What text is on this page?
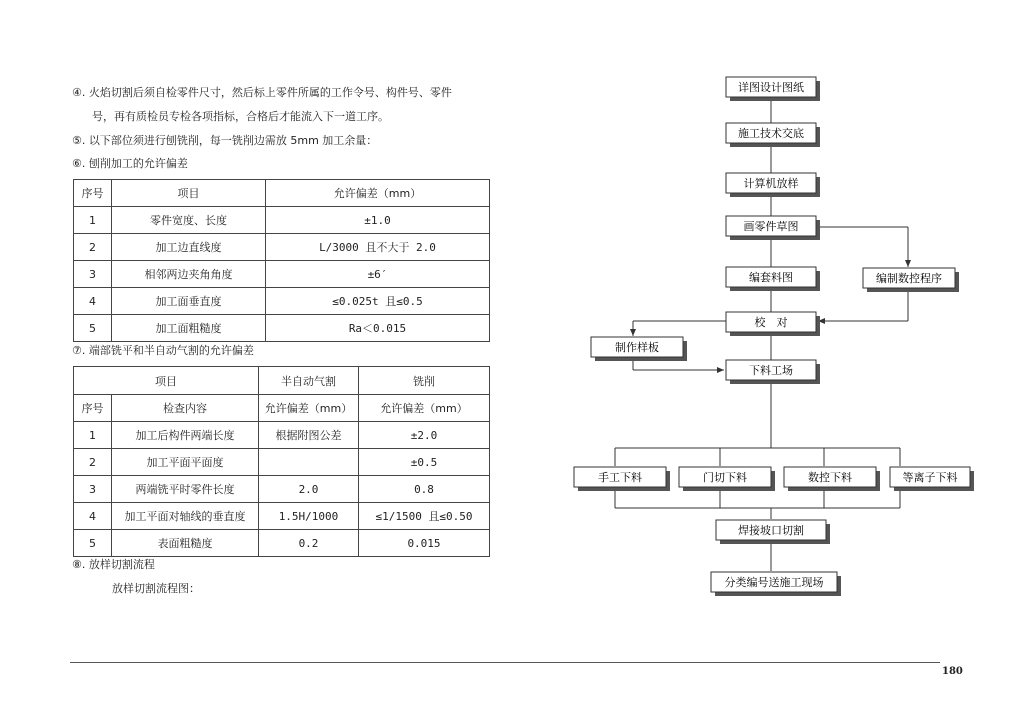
④. 火焰切割后须自检零件尺寸，然后标上零件所属的工作令号、构件号、零件
号，再有质检员专检各项指标，合格后才能流入下一道工序。
⑤. 以下部位须进行刨铣削，每一铣削边需放 5mm 加工余量：
⑥. 刨削加工的允许偏差
序号	项目	允许偏差（mm）
1	零件宽度、长度	±1.0
2	加工边直线度	L/3000 且不大于 2.0
3	相邻两边夹角角度	±6′
4	加工面垂直度	≤0.025t 且≤0.5
5	加工面粗糙度	Ra＜0.015
⑦. 端部铣平和半自动气割的允许偏差
项目		半自动气割	铣削
序号	检查内容	允许偏差（mm）	允许偏差（mm）
1	加工后构件两端长度	根据附图公差	±2.0
2	加工平面平面度		±0.5
3	两端铣平时零件长度	2.0	0.8
4	加工平面对轴线的垂直度	1.5H/1000	≤1/1500 且≤0.50
5	表面粗糙度	0.2	0.015
⑧. 放样切割流程
放样切割流程图：
详图设计图纸
施工技术交底
计算机放样
画零件草图
编套料图	编制数控程序
校　对
制作样板
下料工场
手工下料	门切下料	数控下料	等离子下料
焊接坡口切割
分类编号送施工现场
180
